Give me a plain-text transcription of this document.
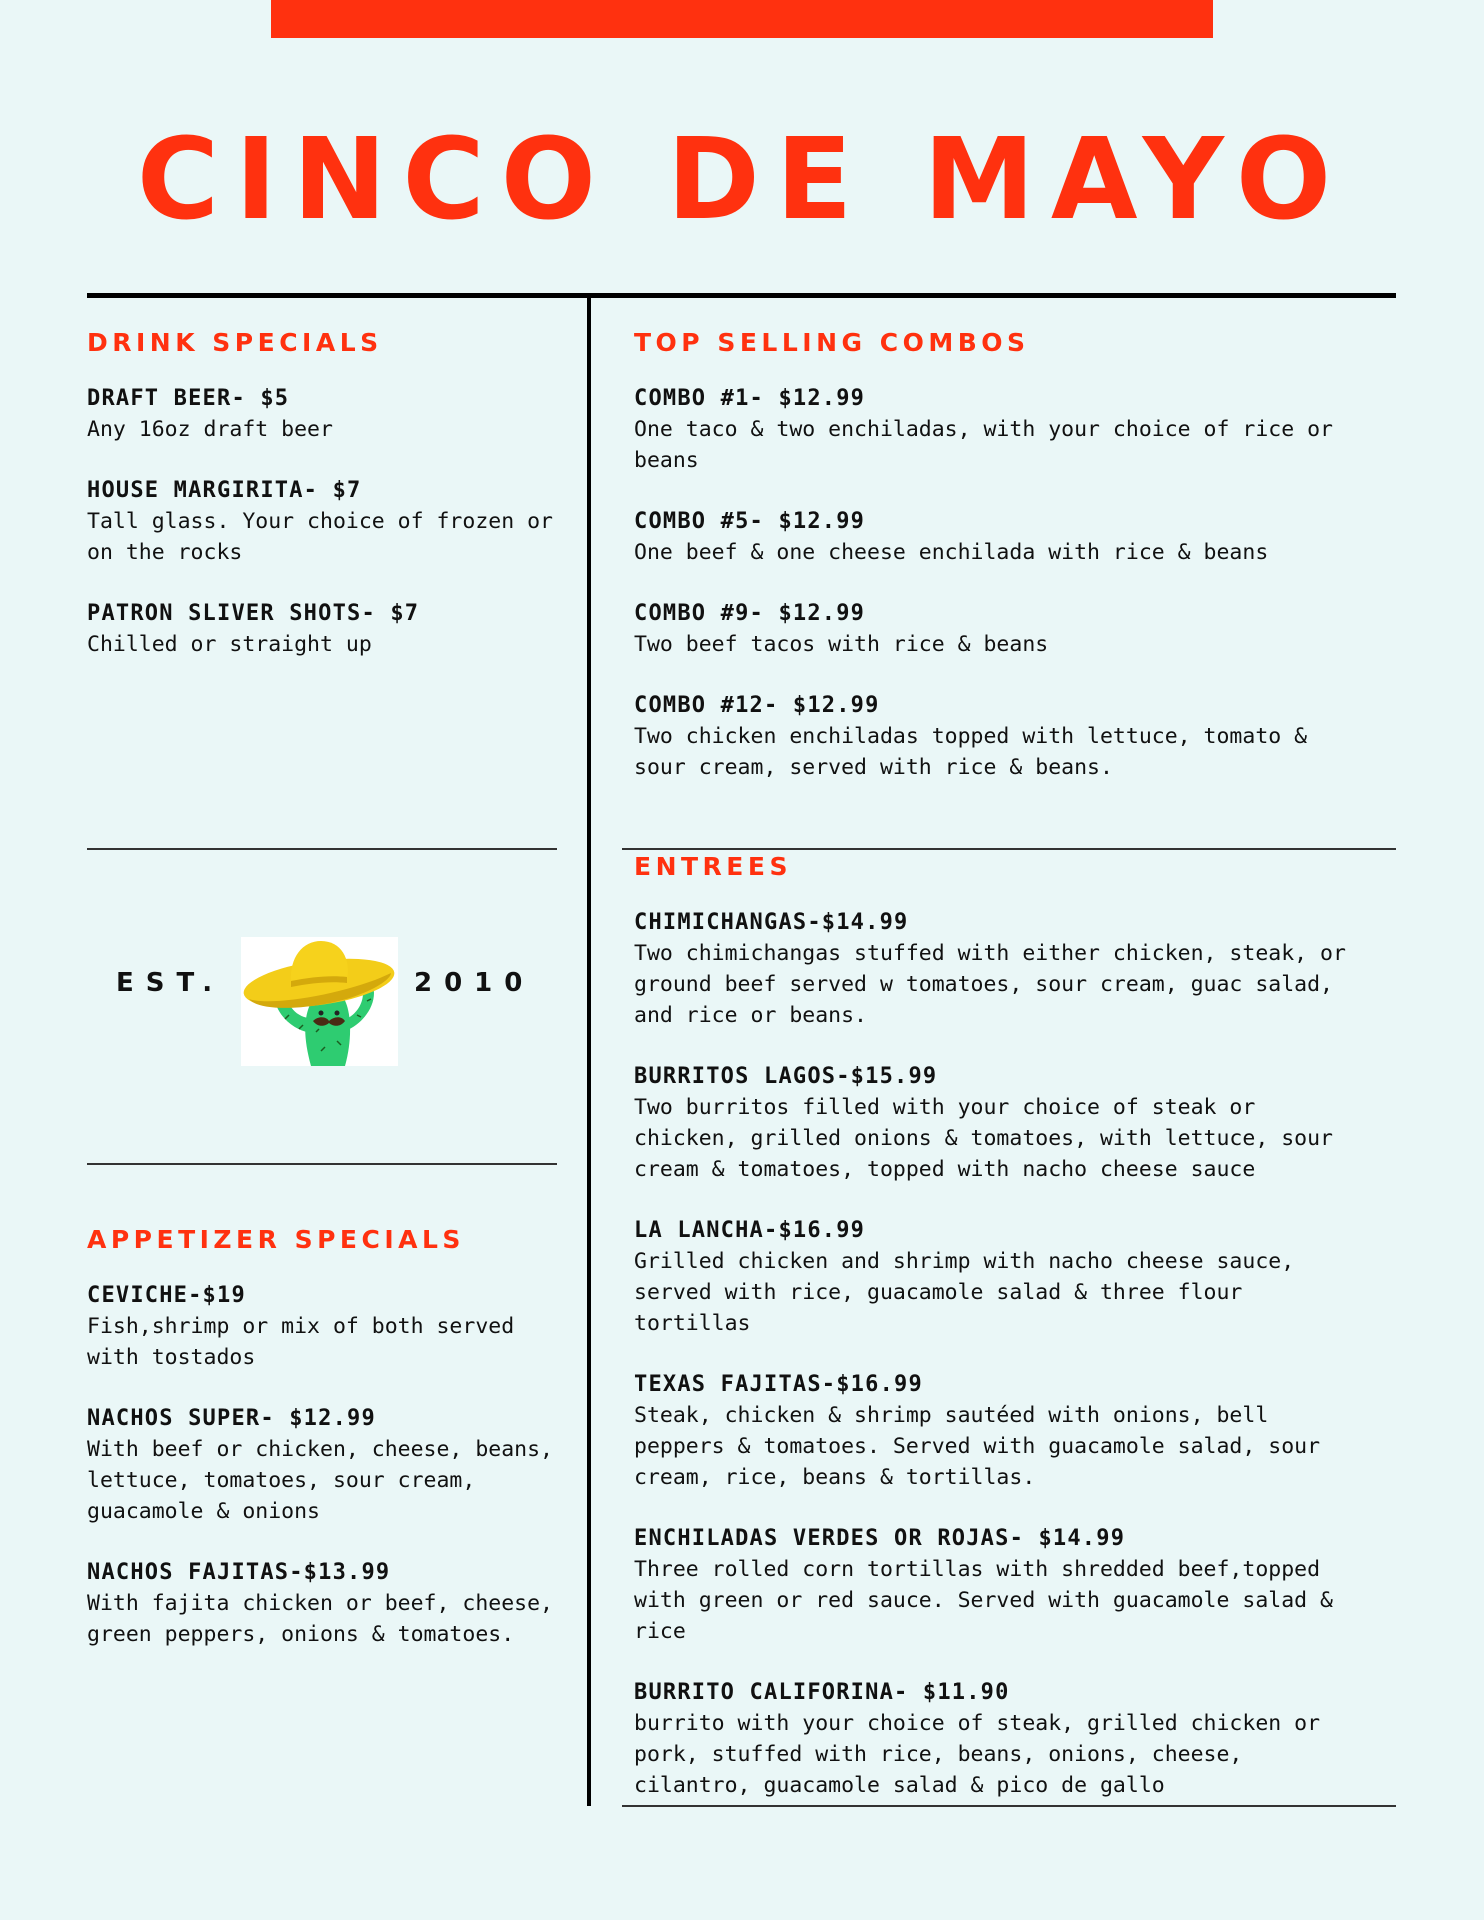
CINCO DE MAYO
DRINK SPECIALS
DRAFT BEER- $5
Any 16oz draft beer
HOUSE MARGIRITA- $7
Tall glass. Your choice of frozen or on the rocks
PATRON SLIVER SHOTS- $7
Chilled or straight up
EST.	2010
APPETIZER SPECIALS
CEVICHE-$19
Fish,shrimp or mix of both served with tostados
NACHOS SUPER- $12.99
With beef or chicken, cheese, beans, lettuce, tomatoes, sour cream, guacamole & onions
NACHOS FAJITAS-$13.99
With fajita chicken or beef, cheese, green peppers, onions & tomatoes.
TOP SELLING COMBOS
COMBO #1- $12.99
One taco & two enchiladas, with your choice of rice or beans
COMBO #5- $12.99
One beef & one cheese enchilada with rice & beans
COMBO #9- $12.99
Two beef tacos with rice & beans
COMBO #12- $12.99
Two chicken enchiladas topped with lettuce, tomato & sour cream, served with rice & beans.
ENTREES
CHIMICHANGAS-$14.99
Two chimichangas stuffed with either chicken, steak, or ground beef served w tomatoes, sour cream, guac salad, and rice or beans.
BURRITOS LAGOS-$15.99
Two burritos filled with your choice of steak or chicken, grilled onions & tomatoes, with lettuce, sour cream & tomatoes, topped with nacho cheese sauce
LA LANCHA-$16.99
Grilled chicken and shrimp with nacho cheese sauce, served with rice, guacamole salad & three flour tortillas
TEXAS FAJITAS-$16.99
Steak, chicken & shrimp sautéed with onions, bell peppers & tomatoes. Served with guacamole salad, sour cream, rice, beans & tortillas.
ENCHILADAS VERDES OR ROJAS- $14.99
Three rolled corn tortillas with shredded beef,topped with green or red sauce. Served with guacamole salad & rice
BURRITO CALIFORINA- $11.90
burrito with your choice of steak, grilled chicken or pork, stuffed with rice, beans, onions, cheese, cilantro, guacamole salad & pico de gallo
